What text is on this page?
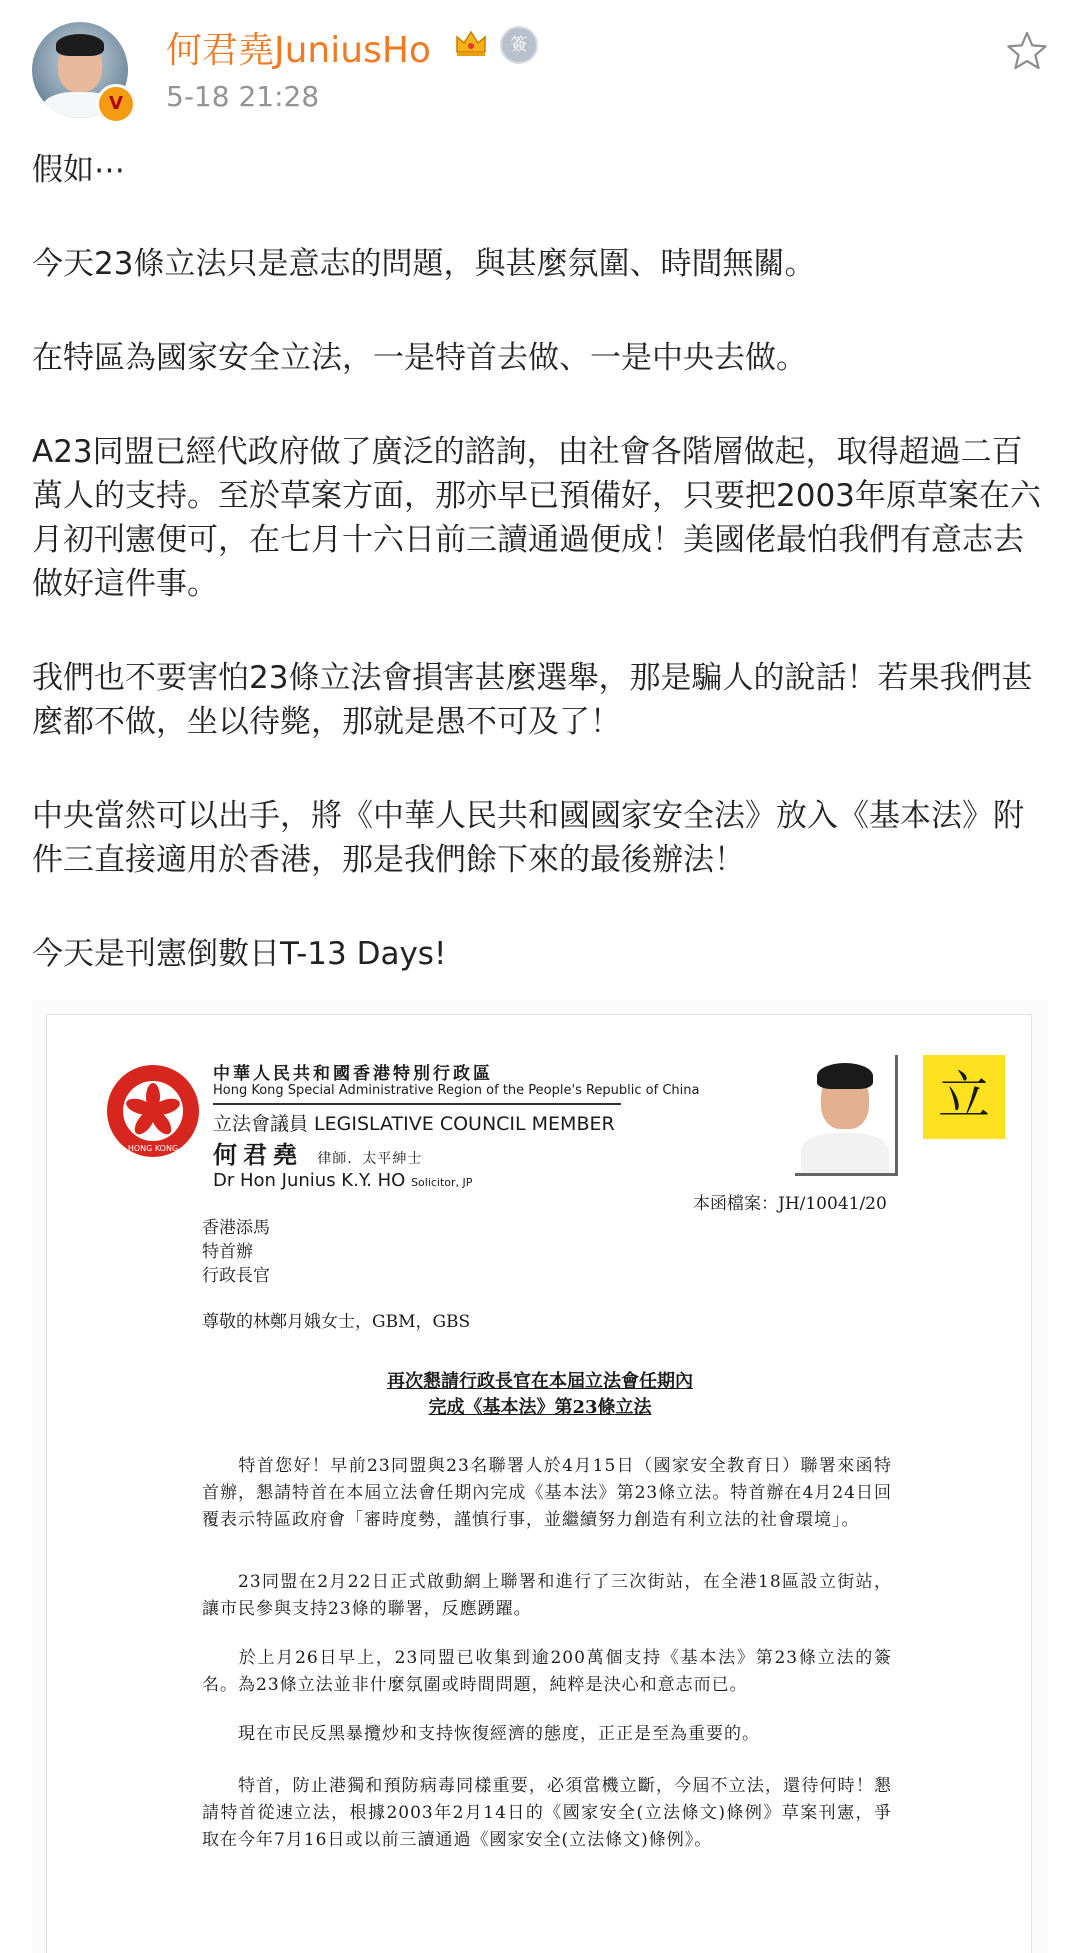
V
何君堯JuniusHo	簽
5-18 21:28

假如⋯

今天23條立法只是意志的問題，與甚麼氛圍、時間無關。

在特區為國家安全立法，一是特首去做、一是中央去做。

A23同盟已經代政府做了廣泛的諮詢，由社會各階層做起，取得超過二百萬人的支持。至於草案方面，那亦早已預備好，只要把2003年原草案在六月初刊憲便可，在七月十六日前三讀通過便成！美國佬最怕我們有意志去做好這件事。

我們也不要害怕23條立法會損害甚麼選舉，那是騙人的說話！若果我們甚麼都不做，坐以待斃，那就是愚不可及了！

中央當然可以出手，將《中華人民共和國國家安全法》放入《基本法》附件三直接適用於香港，那是我們餘下來的最後辦法！

今天是刊憲倒數日T-13 Days!

HONG KONG
中華人民共和國香港特別行政區
Hong Kong Special Administrative Region of the People's Republic of China
立法會議員 LEGISLATIVE COUNCIL MEMBER
何君堯 律師．太平紳士
Dr Hon Junius K.Y. HO Solicitor, JP
立
本函檔案：JH/10041/20
香港添馬
特首辦
行政長官
尊敬的林鄭月娥女士，GBM，GBS
再次懇請行政長官在本屆立法會任期內
完成《基本法》第23條立法
特首您好！早前23同盟與23名聯署人於4月15日（國家安全教育日）聯署來函特首辦，懇請特首在本屆立法會任期內完成《基本法》第23條立法。特首辦在4月24日回覆表示特區政府會「審時度勢，謹慎行事，並繼續努力創造有利立法的社會環境」。
23同盟在2月22日正式啟動網上聯署和進行了三次街站，在全港18區設立街站，讓市民參與支持23條的聯署，反應踴躍。
於上月26日早上，23同盟已收集到逾200萬個支持《基本法》第23條立法的簽名。為23條立法並非什麼氛圍或時間問題，純粹是決心和意志而已。
現在市民反黑暴攬炒和支持恢復經濟的態度，正正是至為重要的。
特首，防止港獨和預防病毒同樣重要，必須當機立斷，今屆不立法，還待何時！懇請特首從速立法，根據2003年2月14日的《國家安全(立法條文)條例》草案刊憲，爭取在今年7月16日或以前三讀通過《國家安全(立法條文)條例》。
